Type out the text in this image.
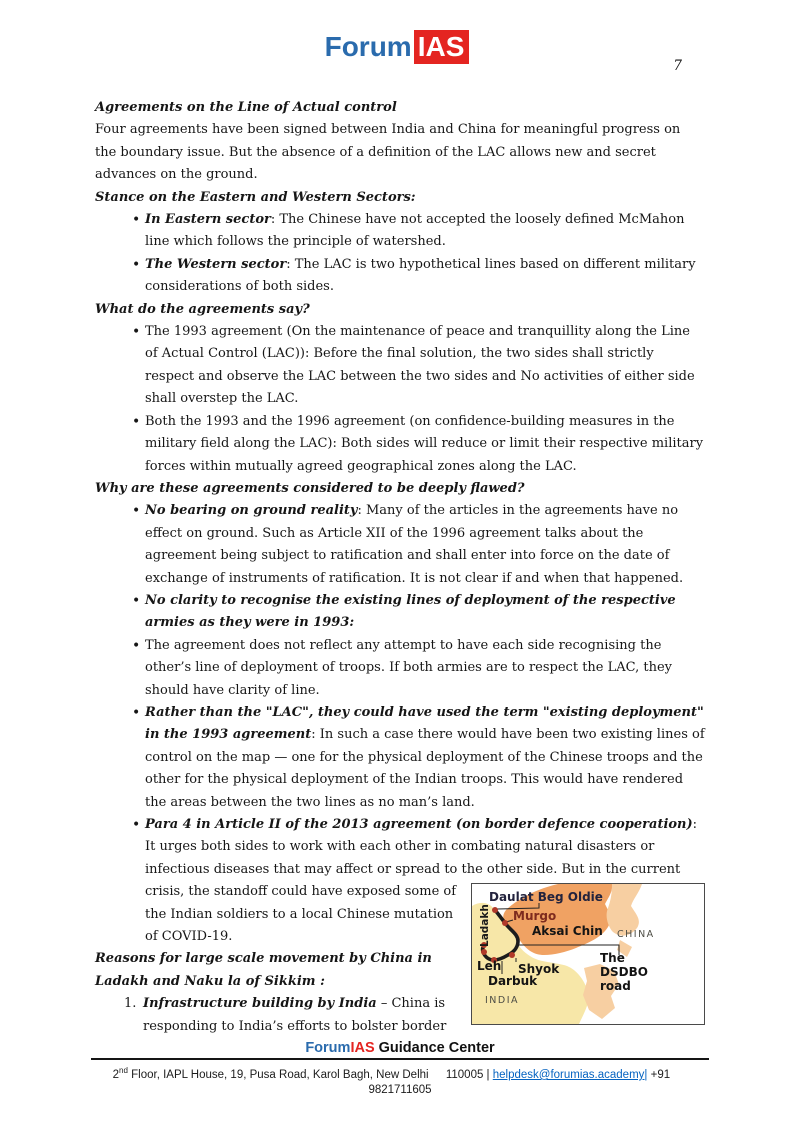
Forum IAS
7
Agreements on the Line of Actual control

Four agreements have been signed between India and China for meaningful progress on the boundary issue. But the absence of a definition of the LAC allows new and secret advances on the ground.

Stance on the Eastern and Western Sectors:
• In Eastern sector: The Chinese have not accepted the loosely defined McMahon line which follows the principle of watershed.
• The Western sector: The LAC is two hypothetical lines based on different military considerations of both sides.
What do the agreements say?
• The 1993 agreement (On the maintenance of peace and tranquillity along the Line of Actual Control (LAC)): Before the final solution, the two sides shall strictly respect and observe the LAC between the two sides and No activities of either side shall overstep the LAC.
• Both the 1993 and the 1996 agreement (on confidence-building measures in the military field along the LAC): Both sides will reduce or limit their respective military forces within mutually agreed geographical zones along the LAC.
Why are these agreements considered to be deeply flawed?
• No bearing on ground reality: Many of the articles in the agreements have no effect on ground. Such as Article XII of the 1996 agreement talks about the agreement being subject to ratification and shall enter into force on the date of exchange of instruments of ratification. It is not clear if and when that happened.
• No clarity to recognise the existing lines of deployment of the respective armies as they were in 1993:
• The agreement does not reflect any attempt to have each side recognising the other’s line of deployment of troops. If both armies are to respect the LAC, they should have clarity of line.
• Rather than the "LAC", they could have used the term "existing deployment" in the 1993 agreement: In such a case there would have been two existing lines of control on the map — one for the physical deployment of the Chinese troops and the other for the physical deployment of the Indian troops. This would have rendered the areas between the two lines as no man’s land.
• Para 4 in Article II of the 2013 agreement (on border defence cooperation): It urges both sides to work with each other in combating natural disasters or infectious diseases that may affect or spread to the other side. But in the current crisis, the standoff could have	Daulat Beg Oldie
Murgo
Aksai Chin CHINA
Ladakh
Leh Shyok
Darbuk
INDIA
The
DSDBO
road
exposed some of the Indian soldiers to a local Chinese mutation of COVID-19.
Reasons for large scale movement by China in Ladakh and Naku la of Sikkim :
1. Infrastructure building by India – China is responding to India’s efforts to bolster border
ForumIAS Guidance Center
2nd Floor, IAPL House, 19, Pusa Road, Karol Bagh, New Delhi  110005 | helpdesk@forumias.academy| +91  9821711605
